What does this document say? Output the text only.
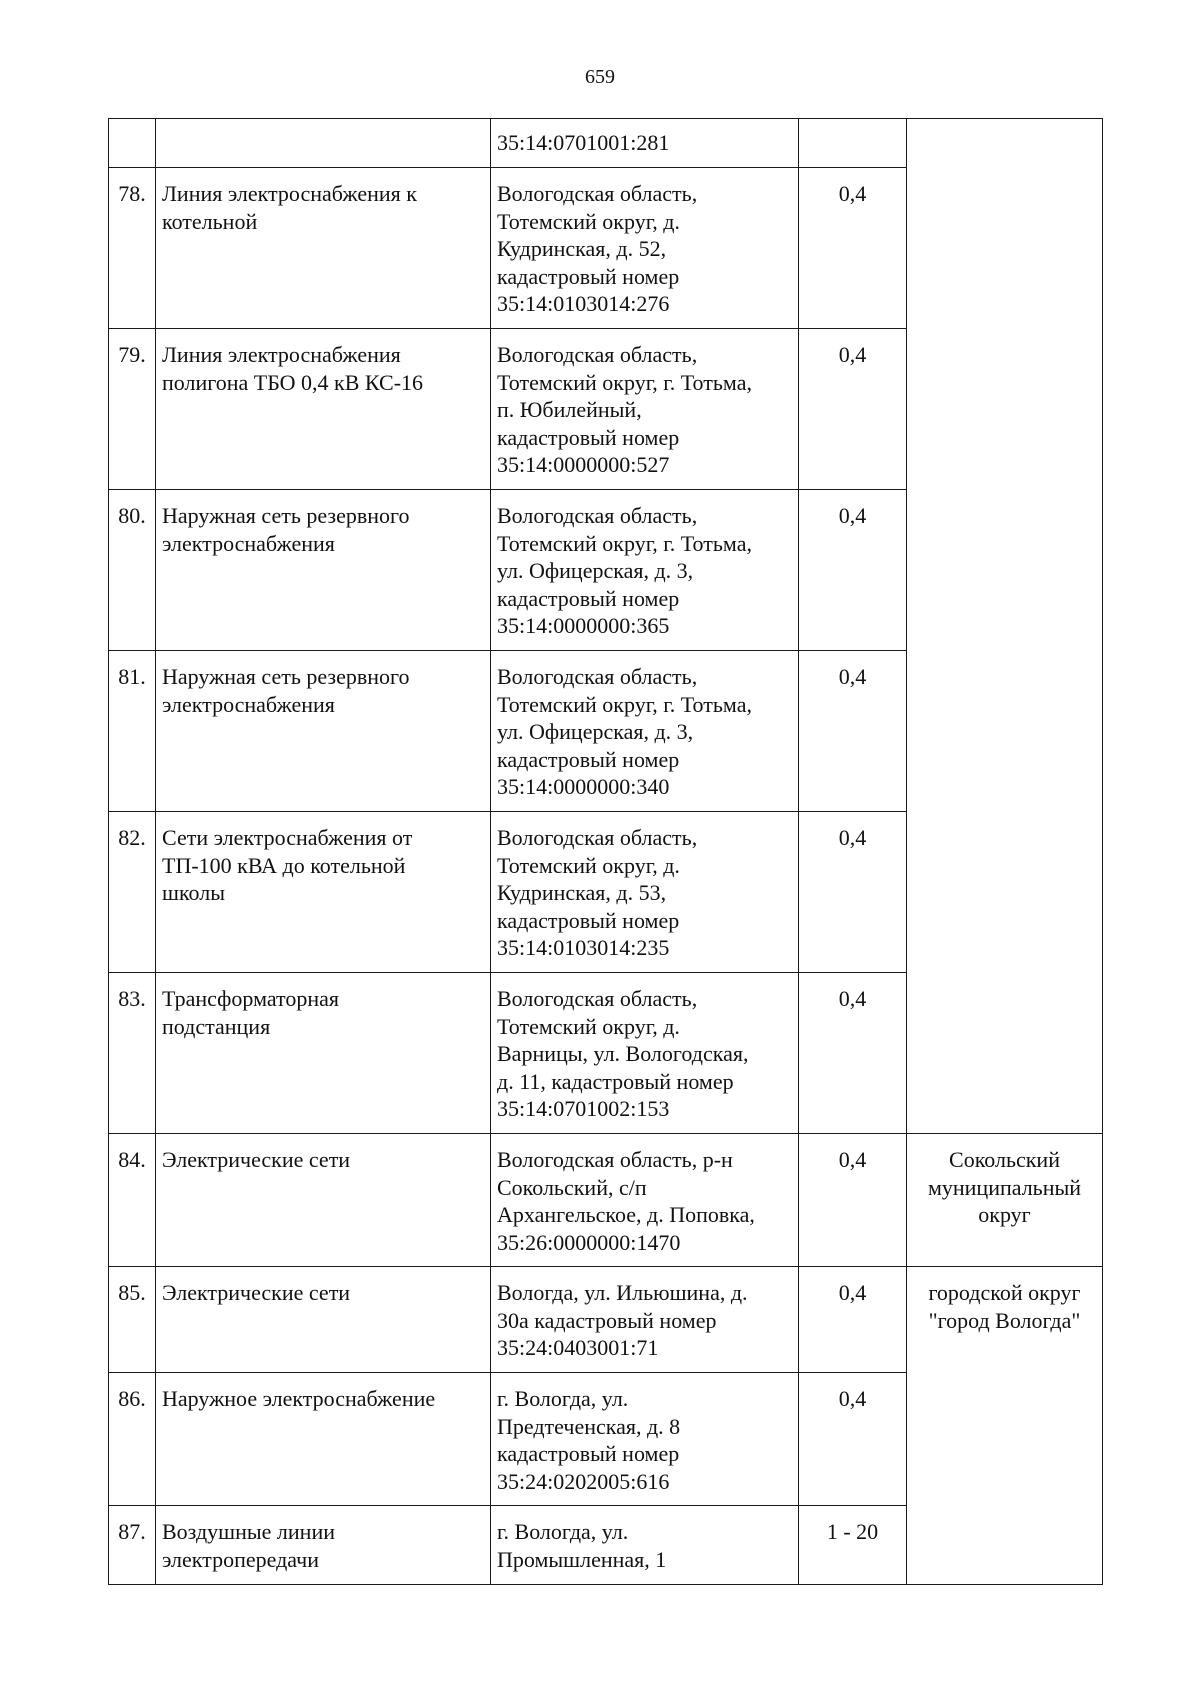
659

		35:14:0701001:281		

78.	Линия электроснабжения к
котельной	Вологодская область,
Тотемский округ, д.
Кудринская, д. 52,
кадастровый номер
35:14:0103014:276	0,4	
79.	Линия электроснабжения
полигона ТБО 0,4 кВ КС-16	Вологодская область,
Тотемский округ, г. Тотьма,
п. Юбилейный,
кадастровый номер
35:14:0000000:527	0,4	
80.	Наружная сеть резервного
электроснабжения	Вологодская область,
Тотемский округ, г. Тотьма,
ул. Офицерская, д. 3,
кадастровый номер
35:14:0000000:365	0,4	
81.	Наружная сеть резервного
электроснабжения	Вологодская область,
Тотемский округ, г. Тотьма,
ул. Офицерская, д. 3,
кадастровый номер
35:14:0000000:340	0,4	
82.	Сети электроснабжения от
ТП-100 кВА до котельной
школы	Вологодская область,
Тотемский округ, д.
Кудринская, д. 53,
кадастровый номер
35:14:0103014:235	0,4	
83.	Трансформаторная
подстанция	Вологодская область,
Тотемский округ, д.
Варницы, ул. Вологодская,
д. 11, кадастровый номер
35:14:0701002:153	0,4	
84.	Электрические сети	Вологодская область, р-н
Сокольский, с/п
Архангельское, д. Поповка,
35:26:0000000:1470	0,4	Сокольский
муниципальный
округ

85.	Электрические сети	Вологда, ул. Ильюшина, д.
30а кадастровый номер
35:24:0403001:71	0,4	городской округ
"город Вологда"

86.	Наружное электроснабжение	г. Вологда, ул.
Предтеченская, д. 8
кадастровый номер
35:24:0202005:616	0,4	
87.	Воздушные линии
электропередачи	г. Вологда, ул.
Промышленная, 1	1 - 20	
